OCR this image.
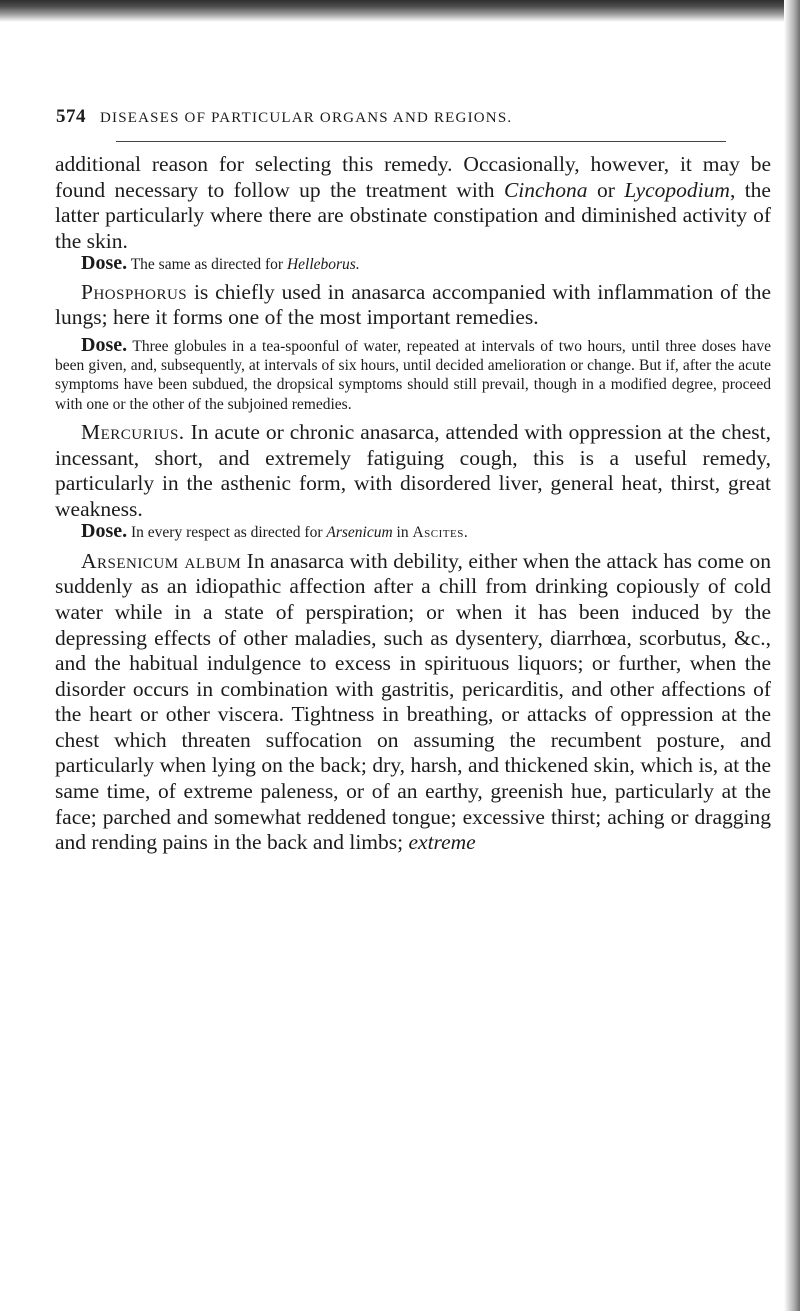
574 DISEASES OF PARTICULAR ORGANS AND REGIONS.

additional reason for selecting this remedy. Occasionally, however, it may be found necessary to follow up the treatment with Cinchona or Lycopodium, the latter particularly where there are obstinate constipation and diminished activity of the skin.

Dose. The same as directed for Helleborus.

Phosphorus is chiefly used in anasarca accompanied with inflammation of the lungs; here it forms one of the most important remedies.

Dose. Three globules in a tea-spoonful of water, repeated at intervals of two hours, until three doses have been given, and, subsequently, at intervals of six hours, until decided amelioration or change. But if, after the acute symptoms have been subdued, the dropsical symptoms should still prevail, though in a modified degree, proceed with one or the other of the subjoined remedies.

Mercurius. In acute or chronic anasarca, attended with oppression at the chest, incessant, short, and extremely fatiguing cough, this is a useful remedy, particularly in the asthenic form, with disordered liver, general heat, thirst, great weakness.

Dose. In every respect as directed for Arsenicum in Ascites.

Arsenicum album In anasarca with debility, either when the attack has come on suddenly as an idiopathic affection after a chill from drinking copiously of cold water while in a state of perspiration; or when it has been induced by the depressing effects of other maladies, such as dysentery, diarrhœa, scorbutus, &c., and the habitual indulgence to excess in spirituous liquors; or further, when the disorder occurs in combination with gastritis, pericarditis, and other affections of the heart or other viscera. Tightness in breathing, or attacks of oppression at the chest which threaten suffocation on assuming the recumbent posture, and particularly when lying on the back; dry, harsh, and thickened skin, which is, at the same time, of extreme paleness, or of an earthy, greenish hue, particularly at the face; parched and somewhat reddened tongue; excessive thirst; aching or dragging and rending pains in the back and limbs; extreme
